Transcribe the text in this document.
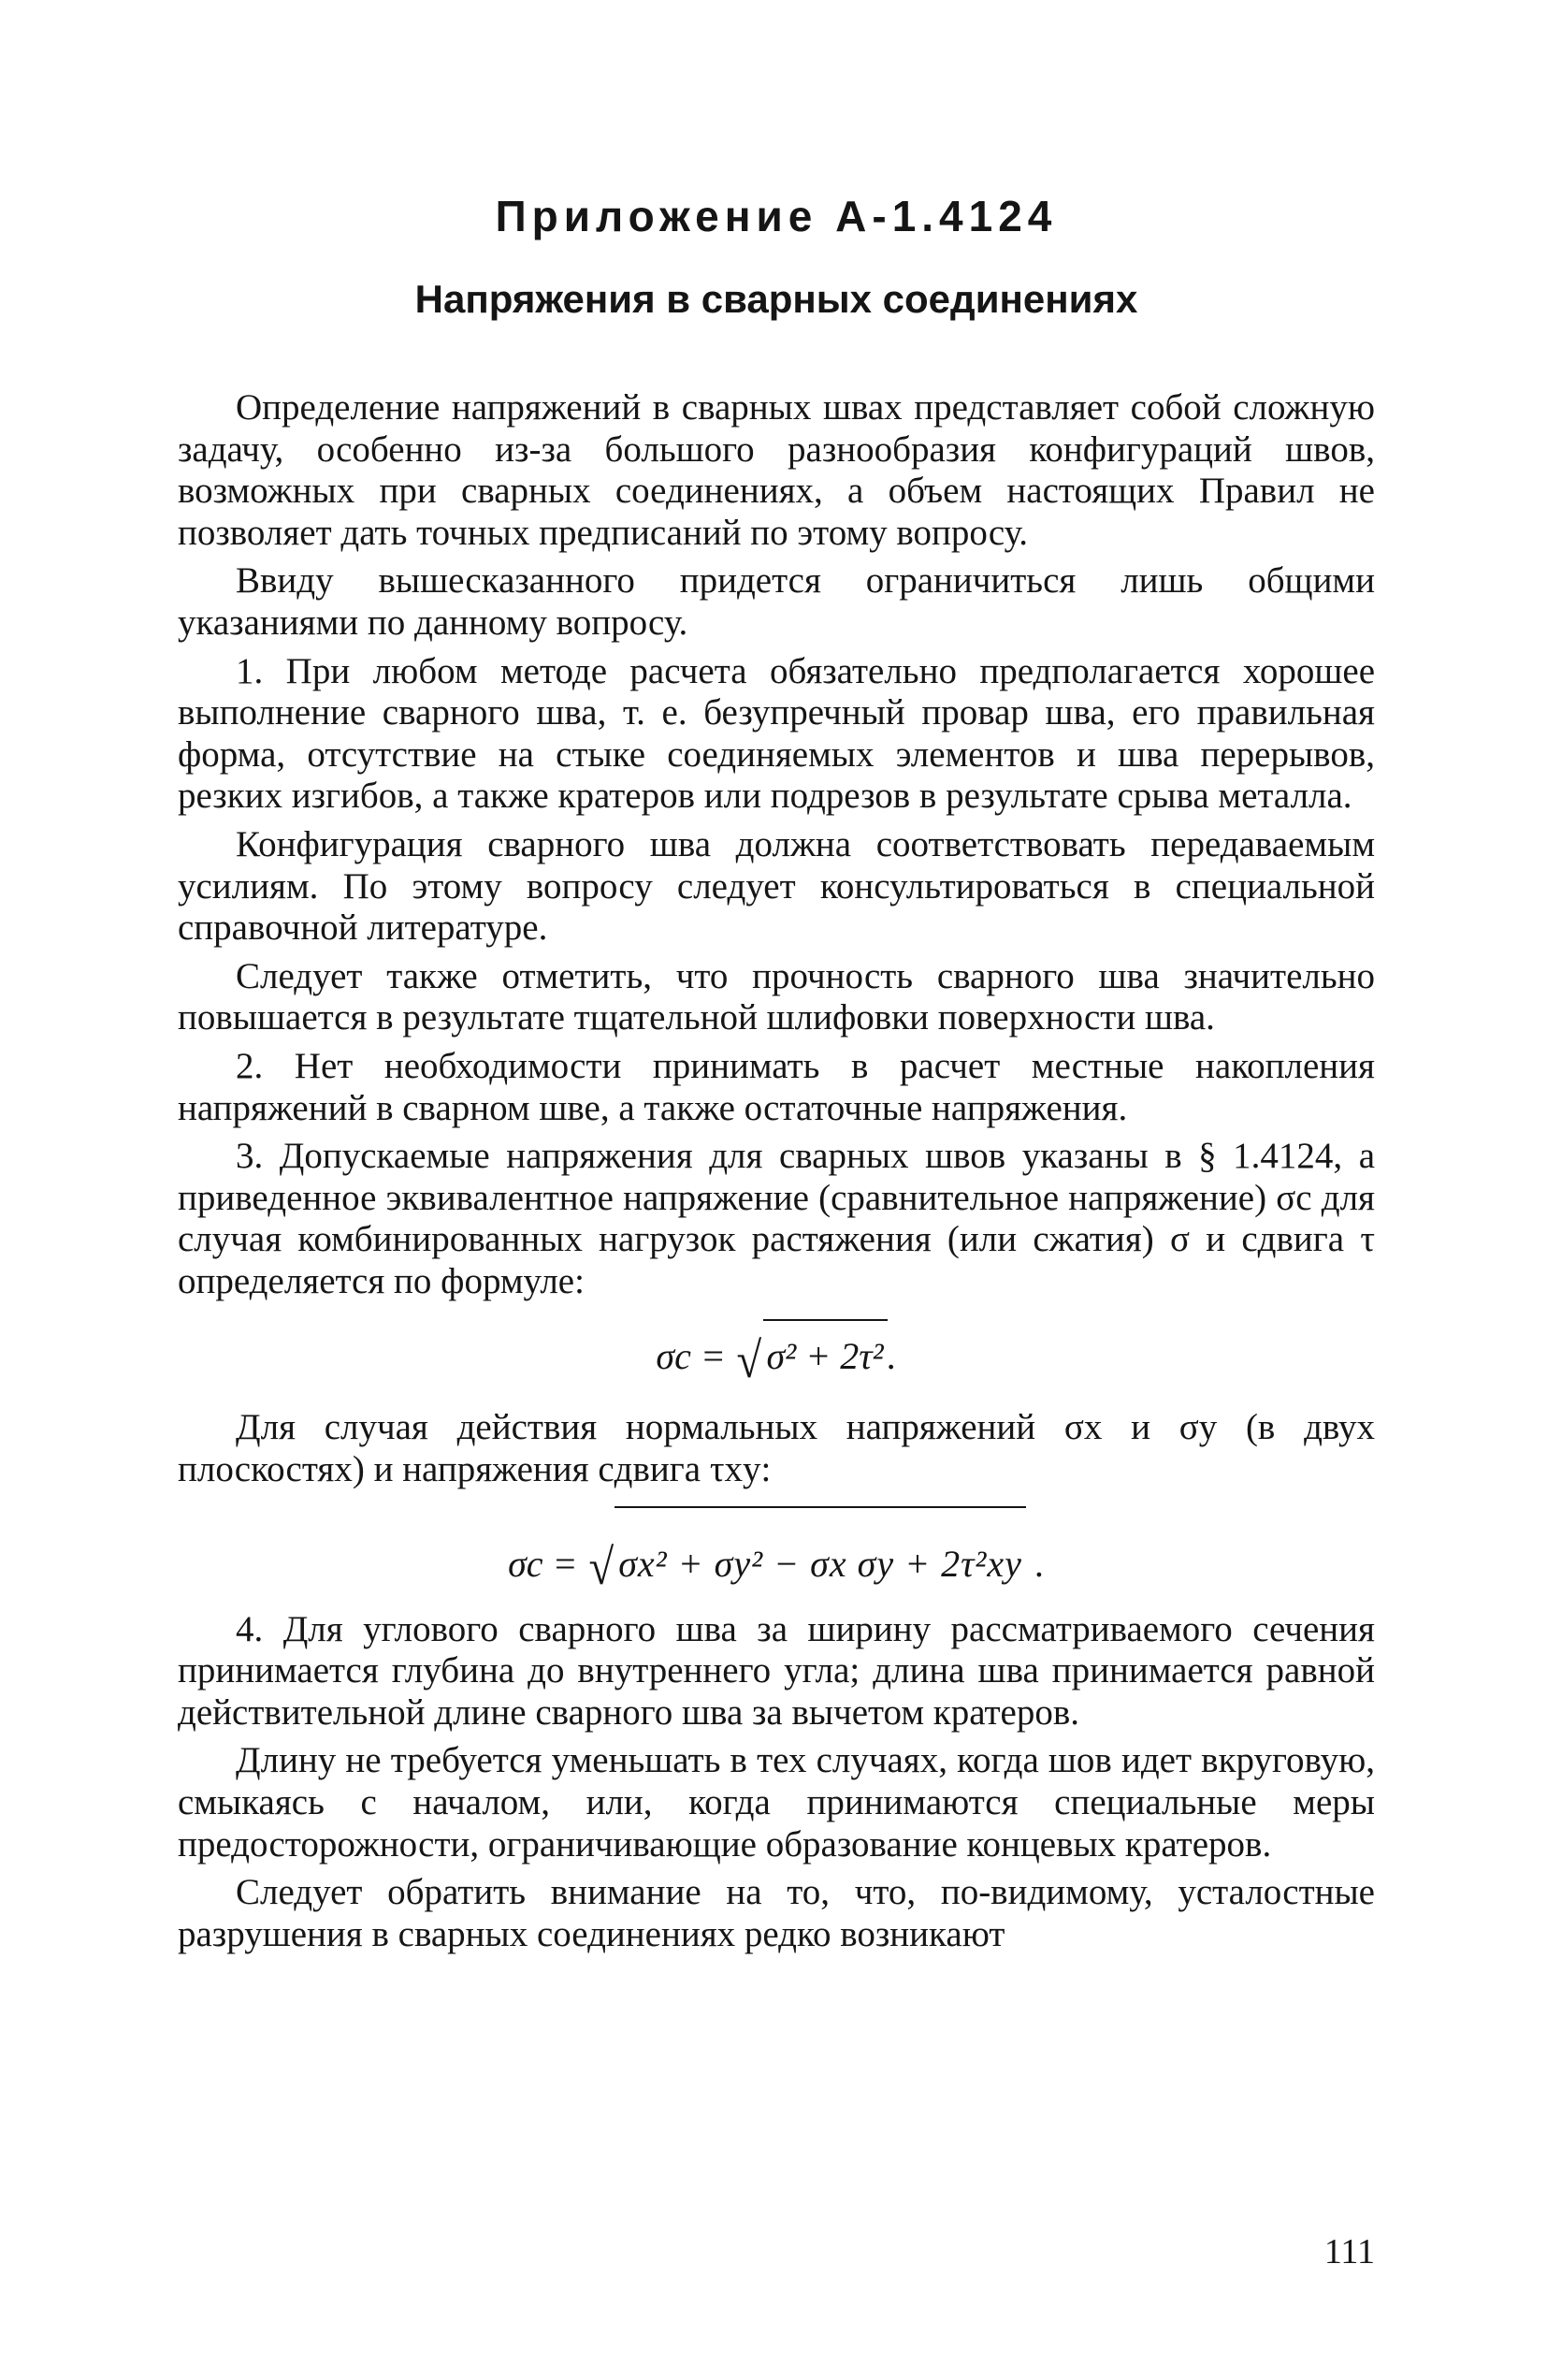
Приложение А-1.4124
Напряжения в сварных соединениях

Определение напряжений в сварных швах представляет собой сложную задачу, особенно из-за большого разнообразия конфигураций швов, возможных при сварных соединениях, а объем настоящих Правил не позволяет дать точных предписаний по этому вопросу.

Ввиду вышесказанного придется ограничиться лишь общими указаниями по данному вопросу.

1. При любом методе расчета обязательно предполагается хорошее выполнение сварного шва, т. е. безупречный провар шва, его правильная форма, отсутствие на стыке соединяемых элементов и шва перерывов, резких изгибов, а также кратеров или подрезов в результате срыва металла.

Конфигурация сварного шва должна соответствовать передаваемым усилиям. По этому вопросу следует консультироваться в специальной справочной литературе.

Следует также отметить, что прочность сварного шва значительно повышается в результате тщательной шлифовки поверхности шва.

2. Нет необходимости принимать в расчет местные накопления напряжений в сварном шве, а также остаточные напряжения.

3. Допускаемые напряжения для сварных швов указаны в § 1.4124, а приведенное эквивалентное напряжение (сравнительное напряжение) σc для случая комбинированных нагрузок растяжения (или сжатия) σ и сдвига τ определяется по формуле:

σc = √ σ² + 2τ² .

Для случая действия нормальных напряжений σx и σy (в двух плоскостях) и напряжения сдвига τxy:

σc = √ σx² + σy² − σx σy + 2τ²xy .

4. Для углового сварного шва за ширину рассматриваемого сечения принимается глубина до внутреннего угла; длина шва принимается равной действительной длине сварного шва за вычетом кратеров.

Длину не требуется уменьшать в тех случаях, когда шов идет вкруговую, смыкаясь с началом, или, когда принимаются специальные меры предосторожности, ограничивающие образование концевых кратеров.

Следует обратить внимание на то, что, по-видимому, усталостные разрушения в сварных соединениях редко возникают

111
